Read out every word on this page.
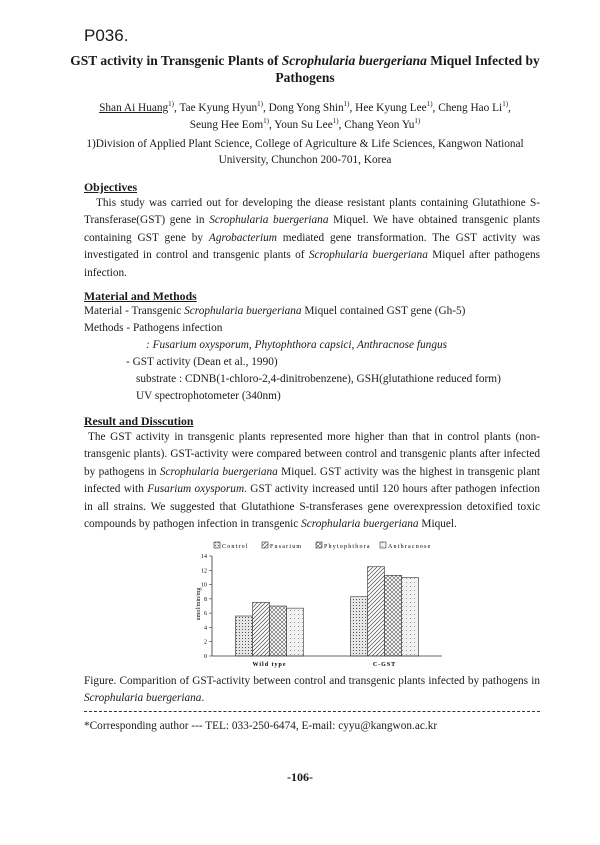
P036.
GST activity in Transgenic Plants of Scrophularia buergeriana Miquel Infected by Pathogens
Shan Ai Huang$^{1)}$, Tae Kyung Hyun$^{1)}$, Dong Yong Shin$^{1)}$, Hee Kyung Lee$^{1)}$, Cheng Hao Li$^{1)}$,
Seung Hee Eom$^{1)}$, Youn Su Lee$^{1)}$, Chang Yeon Yu$^{1)}$
1)Division of Applied Plant Science, College of Agriculture & Life Sciences, Kangwon National
University, Chunchon 200-701, Korea
Objectives
This study was carried out for developing the diease resistant plants containing Glutathione S-Transferase(GST) gene in Scrophularia buergeriana Miquel. We have obtained transgenic plants containing GST gene by Agrobacterium mediated gene transformation. The GST activity was investigated in control and transgenic plants of Scrophularia buergeriana Miquel after pathogens infection.
Material and Methods
Material - Transgenic Scrophularia buergeriana Miquel contained GST gene (Gh-5)
Methods - Pathogens infection
: Fusarium oxysporum, Phytophthora capsici, Anthracnose fungus
- GST activity (Dean et al., 1990)
substrate : CDNB(1-chloro-2,4-dinitrobenzene), GSH(glutathione reduced form)
UV spectrophotometer (340nm)
Result and Disscution
The GST activity in transgenic plants represented more higher than that in control plants (non-transgenic plants). GST-activity were compared between control and transgenic plants after infected by pathogens in Scrophularia buergeriana Miquel. GST activity was the highest in transgenic plant infected with Fusarium oxysporum. GST activity increased until 120 hours after pathogen infection in all strains. We suggested that Glutathione S-transferases gene overexpression detoxified toxic compounds by pathogen infection in transgenic Scrophularia buergeriana Miquel.
Control	Fusarium	Phytophthora	Anthracnose
umol/min/mg
0
2
4
6
8
10
12
14
Wild type	C-GST
Figure. Comparition of GST-activity between control and transgenic plants infected by pathogens in Scrophularia buergeriana.
*Corresponding author --- TEL: 033-250-6474, E-mail: cyyu@kangwon.ac.kr
-106-
